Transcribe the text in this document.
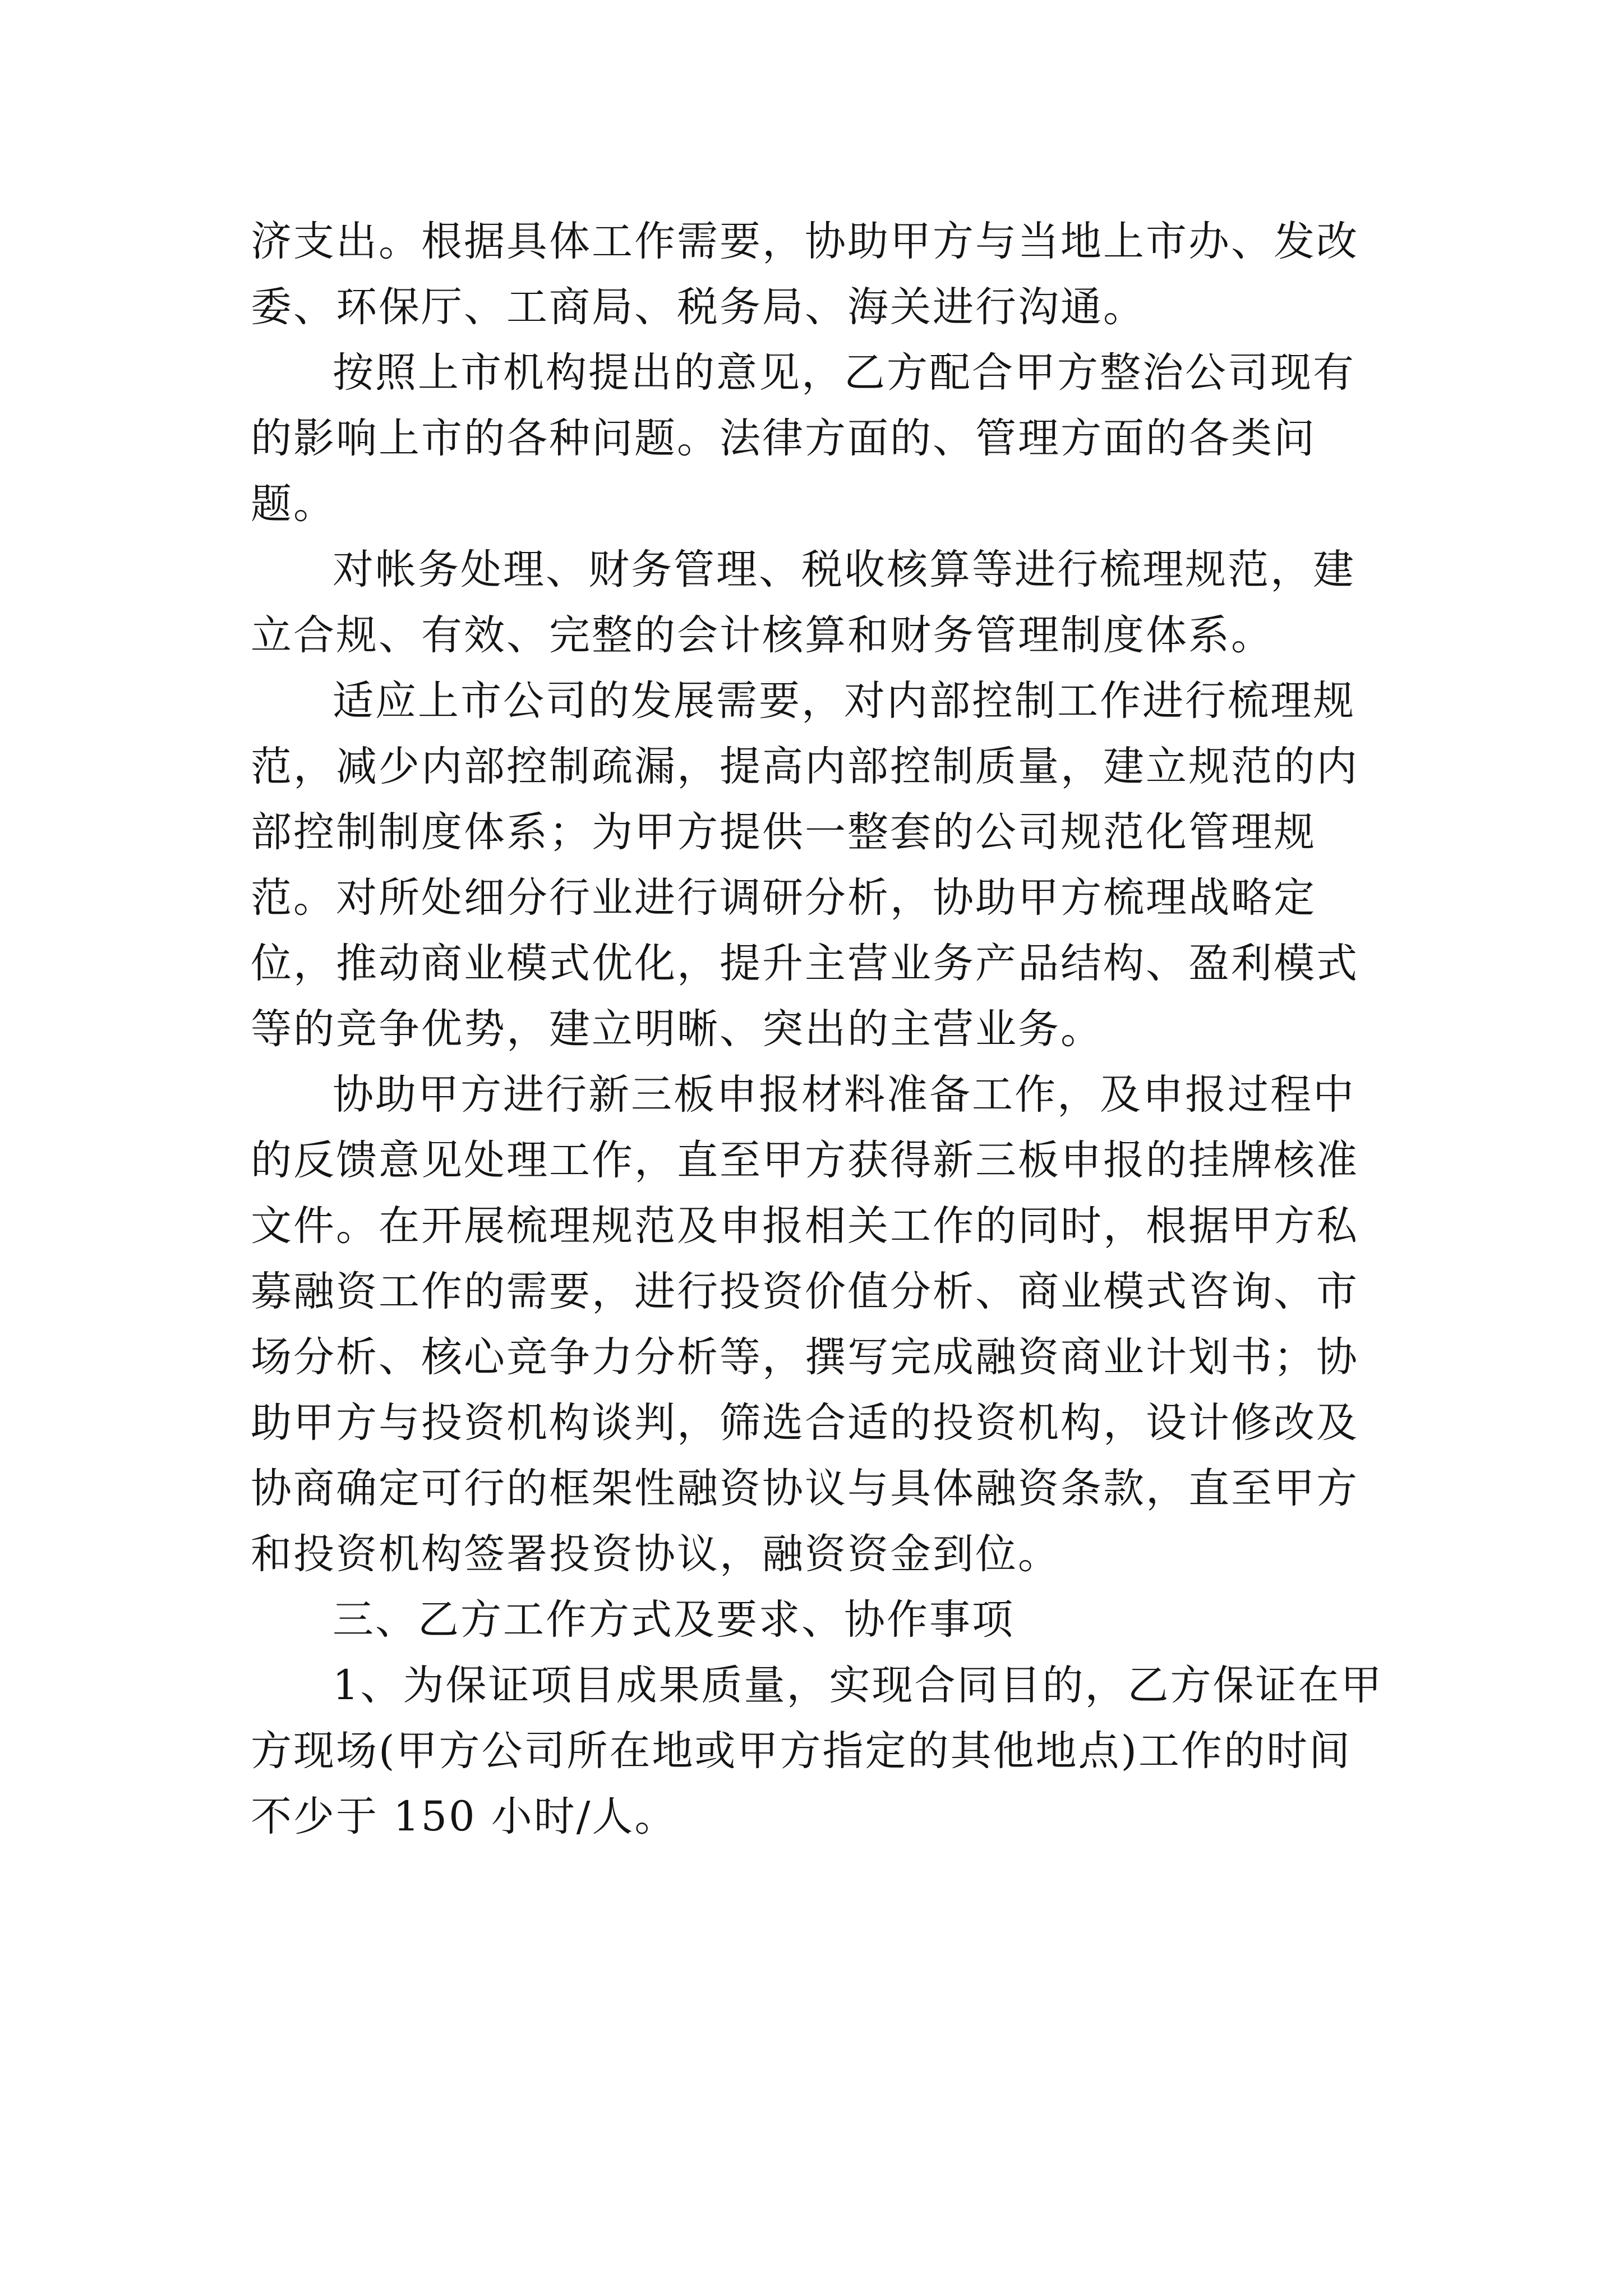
济支出。根据具体工作需要，协助甲方与当地上市办、发改委、环保厅、工商局、税务局、海关进行沟通。

按照上市机构提出的意见，乙方配合甲方整治公司现有的影响上市的各种问题。法律方面的、管理方面的各类问题。

对帐务处理、财务管理、税收核算等进行梳理规范，建立合规、有效、完整的会计核算和财务管理制度体系。

适应上市公司的发展需要，对内部控制工作进行梳理规范，减少内部控制疏漏，提高内部控制质量，建立规范的内部控制制度体系；为甲方提供一整套的公司规范化管理规范。对所处细分行业进行调研分析，协助甲方梳理战略定位，推动商业模式优化，提升主营业务产品结构、盈利模式等的竞争优势，建立明晰、突出的主营业务。

协助甲方进行新三板申报材料准备工作，及申报过程中的反馈意见处理工作，直至甲方获得新三板申报的挂牌核准文件。在开展梳理规范及申报相关工作的同时，根据甲方私募融资工作的需要，进行投资价值分析、商业模式咨询、市场分析、核心竞争力分析等，撰写完成融资商业计划书；协助甲方与投资机构谈判，筛选合适的投资机构，设计修改及协商确定可行的框架性融资协议与具体融资条款，直至甲方和投资机构签署投资协议，融资资金到位。

三、乙方工作方式及要求、协作事项

1、为保证项目成果质量，实现合同目的，乙方保证在甲方现场(甲方公司所在地或甲方指定的其他地点)工作的时间不少于 150 小时/人。
